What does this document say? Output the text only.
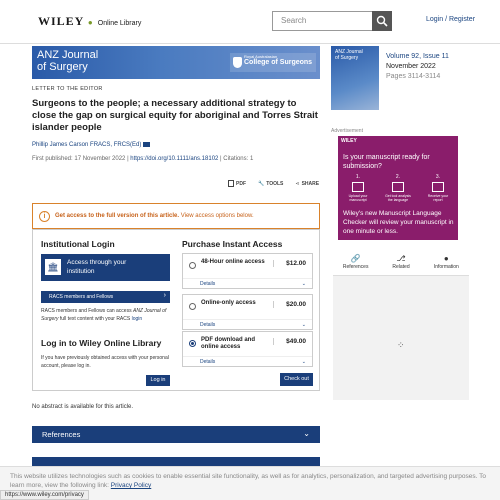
WILEY ● Online Library	Search	Login / Register
ANZ Journal
of Surgery
Royal Australasian
College of Surgeons
ANZ Journal
of Surgery	Volume 92, Issue 11
November 2022
Pages 3114-3114
LETTER TO THE EDITOR
Surgeons to the people; a necessary additional strategy to close the gap on surgical equity for aboriginal and Torres Strait islander people
Phillip James Carson FRACS, FRCS(Ed)
First published: 17 November 2022 | https://doi.org/10.1111/ans.18102 | Citations: 1
PDF 🔧 TOOLS ⋖ SHARE
i	Get access to the full version of this article. View access options below.
Institutional Login
🏛	Access through your
institution
RACS members and Fellows	›
RACS members and Fellows can access ANZ Journal of Surgery full text content with your RACS login
Log in to Wiley Online Library
If you have previously obtained access with your personal account, please log in.
Log in
Purchase Instant Access
48-Hour online access	$12.00
Details	⌄
Online-only access	$20.00
Details	⌄
PDF download and online access
$49.00
Details	⌄
Check out
No abstract is available for this article.
References	⌄
Advertisement
WILEY
Is your manuscript ready for submission?
1.
Upload your manuscript
2.
Get tool analysis the language
3.
Receive your report
Wiley's new Manuscript Language Checker will review your manuscript in one minute or less.
🔗
References
⎇
Related
●
Information
⁘
This website utilizes technologies such as cookies to enable essential site functionality, as well as for analytics, personalization, and targeted advertising purposes. To learn more, view the following link: Privacy Policy
https://www.wiley.com/privacy
